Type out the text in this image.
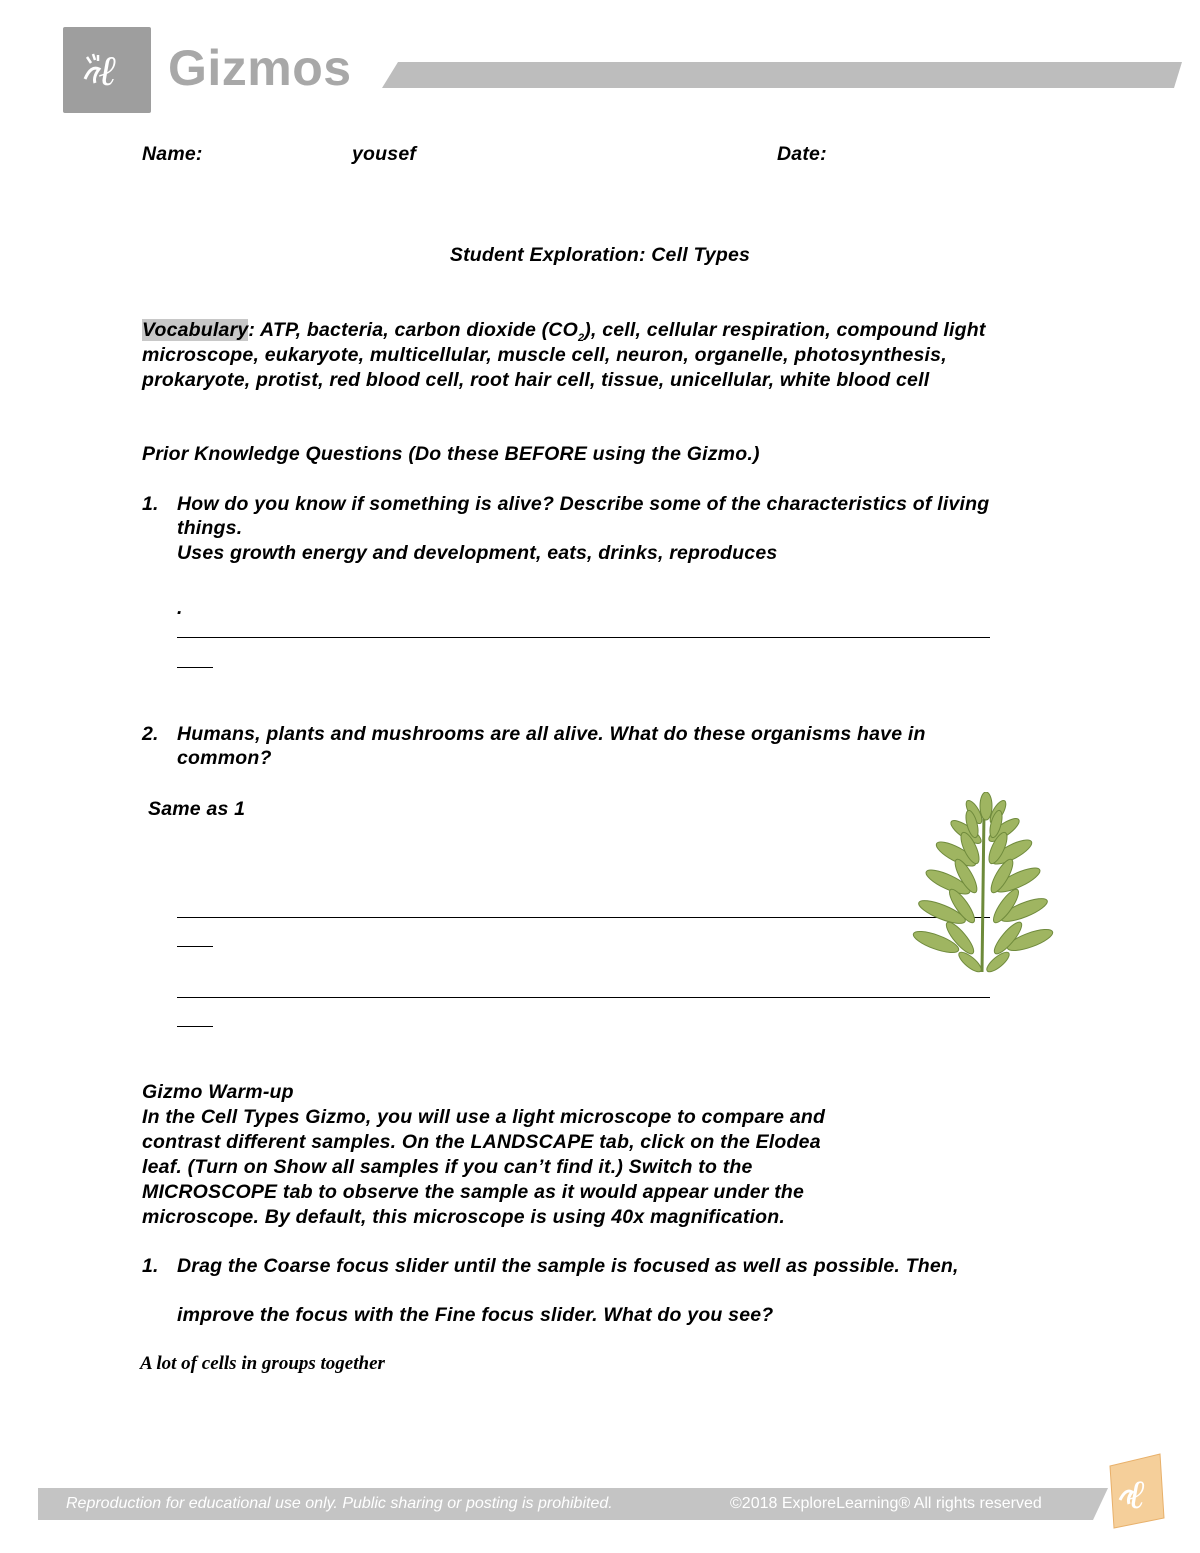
ℓ Gizmos
Name:	yousef	Date:
Student Exploration: Cell Types
Vocabulary: ATP, bacteria, carbon dioxide $(CO_2)$, cell, cellular respiration, compound light
microscope, eukaryote, multicellular, muscle cell, neuron, organelle, photosynthesis,
prokaryote, protist, red blood cell, root hair cell, tissue, unicellular, white blood cell
Prior Knowledge Questions (Do these BEFORE using the Gizmo.)
1. How do you know if something is alive? Describe some of the characteristics of living
things.
Uses growth energy and development, eats, drinks, reproduces
.
2. Humans, plants and mushrooms are all alive. What do these organisms have in
common?
Same as 1
Gizmo Warm-up
In the Cell Types Gizmo, you will use a light microscope to compare and
contrast different samples. On the LANDSCAPE tab, click on the Elodea
leaf. (Turn on Show all samples if you can’t find it.) Switch to the
MICROSCOPE tab to observe the sample as it would appear under the
microscope. By default, this microscope is using 40x magnification.
1. Drag the Coarse focus slider until the sample is focused as well as possible. Then,
improve the focus with the Fine focus slider. What do you see?
A lot of cells in groups together
Reproduction for educational use only. Public sharing or posting is prohibited.	©2018 ExploreLearning® All rights reserved ℓ
